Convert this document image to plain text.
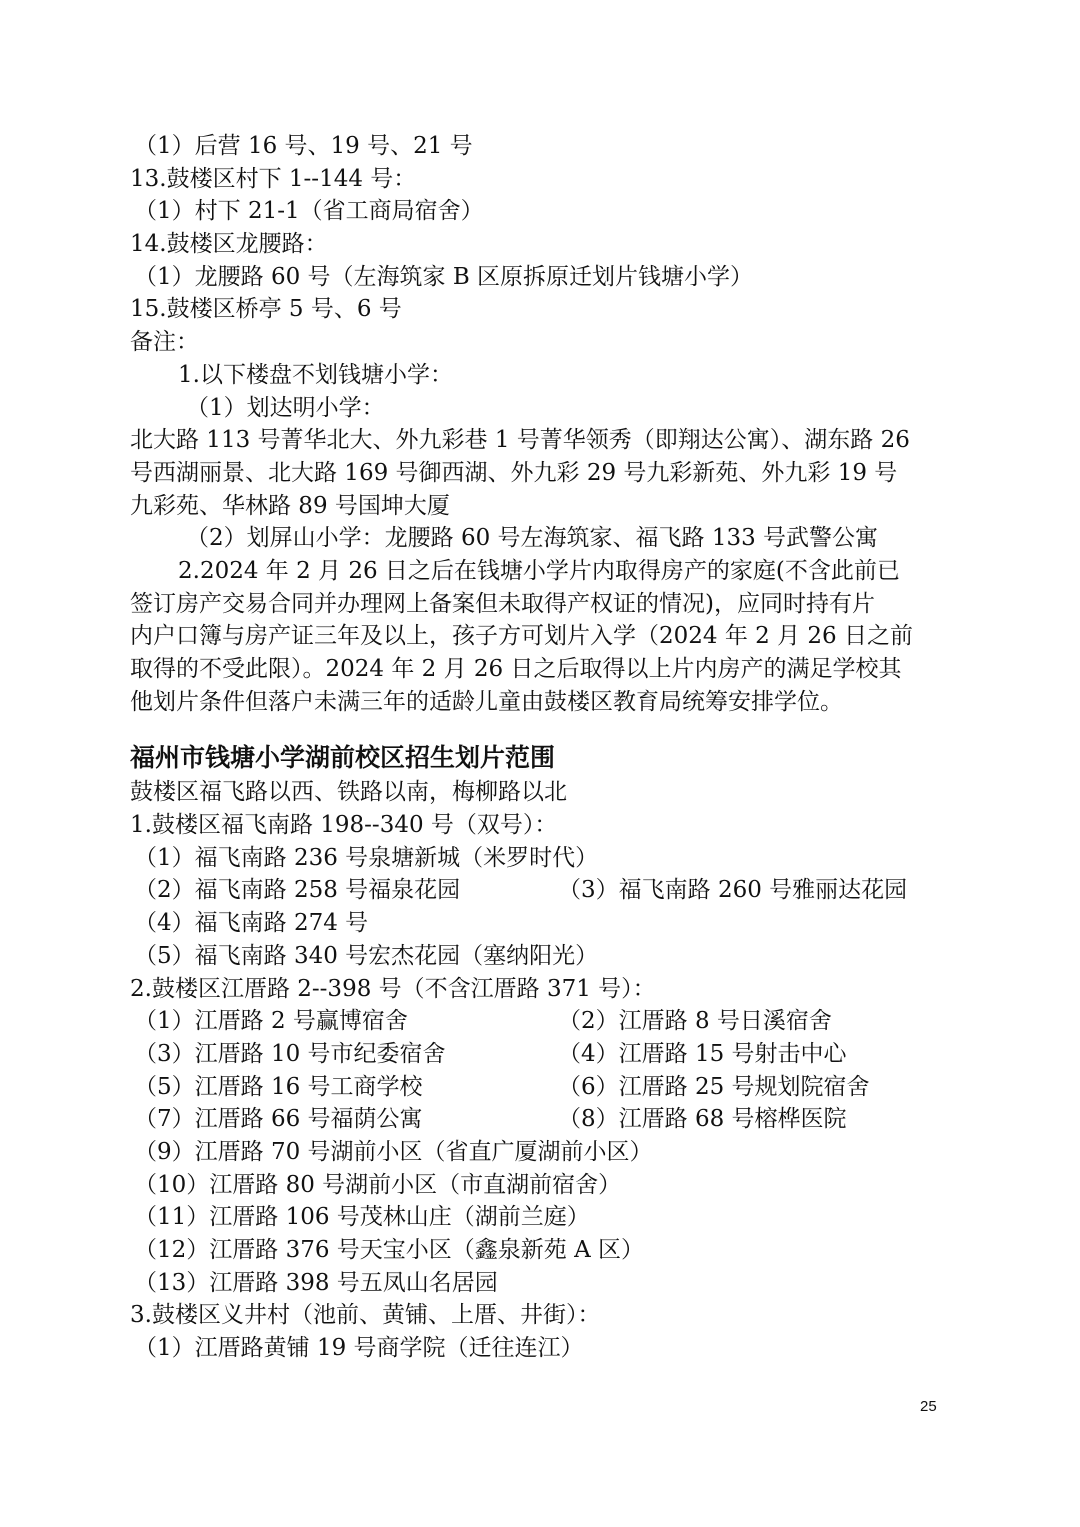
（1）后营 16 号、19 号、21 号
13.鼓楼区村下 1--144 号：
（1）村下 21-1（省工商局宿舍）
14.鼓楼区龙腰路：
（1）龙腰路 60 号（左海筑家 B 区原拆原迁划片钱塘小学）
15.鼓楼区桥亭 5 号、6 号
备注：
1.以下楼盘不划钱塘小学：
（1）划达明小学：
北大路 113 号菁华北大、外九彩巷 1 号菁华领秀（即翔达公寓）、湖东路 26
号西湖丽景、北大路 169 号御西湖、外九彩 29 号九彩新苑、外九彩 19 号
九彩苑、华林路 89 号国坤大厦
（2）划屏山小学：龙腰路 60 号左海筑家、福飞路 133 号武警公寓
2.2024 年 2 月 26 日之后在钱塘小学片内取得房产的家庭(不含此前已
签订房产交易合同并办理网上备案但未取得产权证的情况)，应同时持有片
内户口簿与房产证三年及以上，孩子方可划片入学（2024 年 2 月 26 日之前
取得的不受此限）。2024 年 2 月 26 日之后取得以上片内房产的满足学校其
他划片条件但落户未满三年的适龄儿童由鼓楼区教育局统筹安排学位。
福州市钱塘小学湖前校区招生划片范围
鼓楼区福飞路以西、铁路以南，梅柳路以北
1.鼓楼区福飞南路 198--340 号（双号）：
（1）福飞南路 236 号泉塘新城（米罗时代）
（2）福飞南路 258 号福泉花园	（3）福飞南路 260 号雅丽达花园
（4）福飞南路 274 号
（5）福飞南路 340 号宏杰花园（塞纳阳光）
2.鼓楼区江厝路 2--398 号（不含江厝路 371 号）：
（1）江厝路 2 号赢博宿舍	（2）江厝路 8 号日溪宿舍
（3）江厝路 10 号市纪委宿舍	（4）江厝路 15 号射击中心
（5）江厝路 16 号工商学校	（6）江厝路 25 号规划院宿舍
（7）江厝路 66 号福荫公寓	（8）江厝路 68 号榕桦医院
（9）江厝路 70 号湖前小区（省直广厦湖前小区）
（10）江厝路 80 号湖前小区（市直湖前宿舍）
（11）江厝路 106 号茂林山庄（湖前兰庭）
（12）江厝路 376 号天宝小区（鑫泉新苑 A 区）
（13）江厝路 398 号五凤山名居园
3.鼓楼区义井村（池前、黄铺、上厝、井街）：
（1）江厝路黄铺 19 号商学院（迁往连江）
25
